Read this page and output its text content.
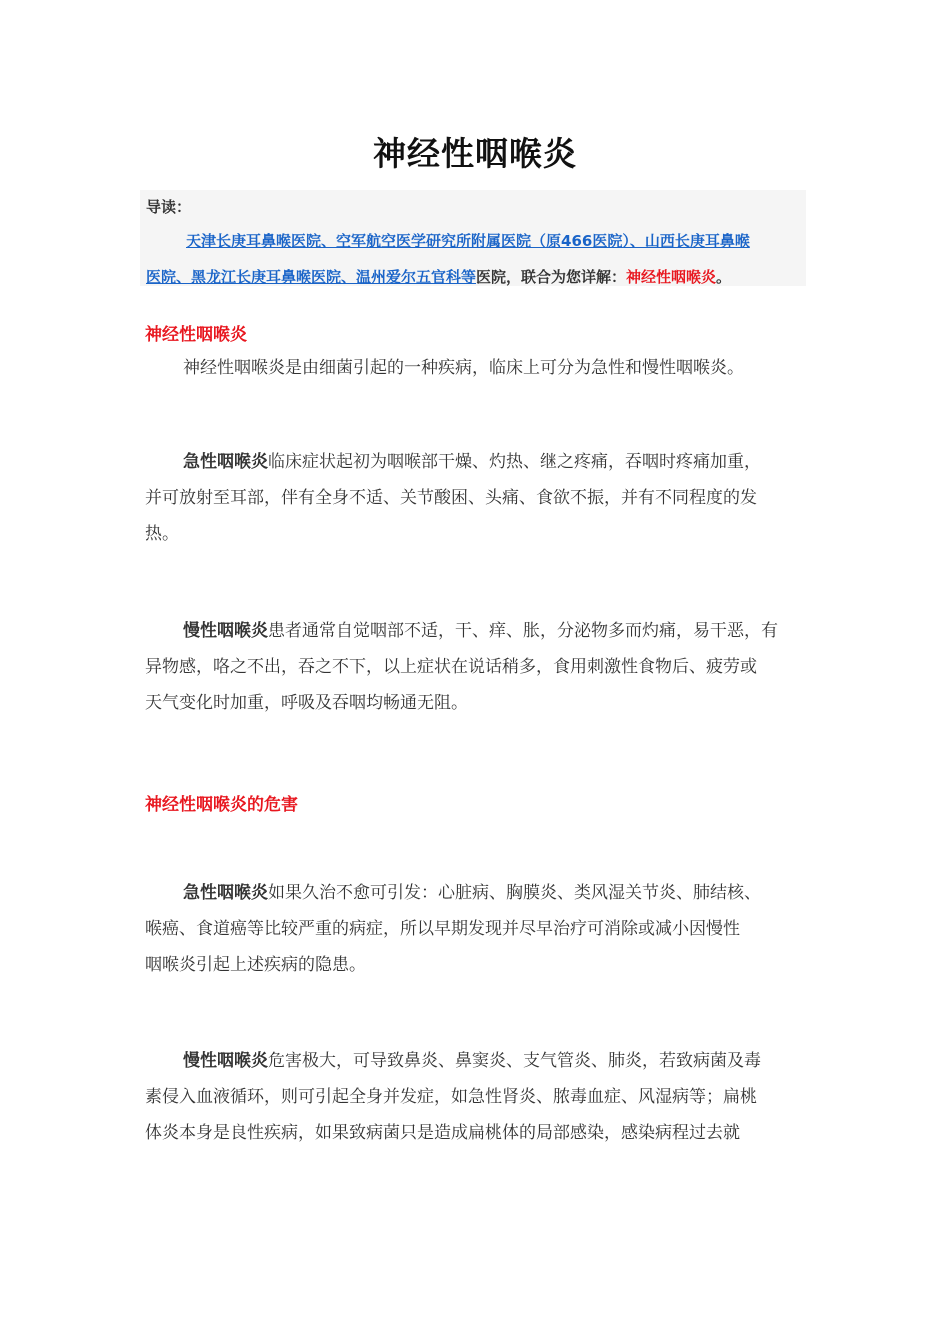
神经性咽喉炎
导读：
天津长庚耳鼻喉医院、空军航空医学研究所附属医院（原466医院）、山西长庚耳鼻喉
医院、黑龙江长庚耳鼻喉医院、温州爱尔五官科等医院，联合为您详解：神经性咽喉炎。
神经性咽喉炎
神经性咽喉炎是由细菌引起的一种疾病，临床上可分为急性和慢性咽喉炎。
急性咽喉炎临床症状起初为咽喉部干燥、灼热、继之疼痛，吞咽时疼痛加重，
并可放射至耳部，伴有全身不适、关节酸困、头痛、食欲不振，并有不同程度的发
热。
慢性咽喉炎患者通常自觉咽部不适，干、痒、胀，分泌物多而灼痛，易干恶，有
异物感，咯之不出，吞之不下，以上症状在说话稍多，食用刺激性食物后、疲劳或
天气变化时加重，呼吸及吞咽均畅通无阻。
神经性咽喉炎的危害
急性咽喉炎如果久治不愈可引发：心脏病、胸膜炎、类风湿关节炎、肺结核、
喉癌、食道癌等比较严重的病症，所以早期发现并尽早治疗可消除或减小因慢性
咽喉炎引起上述疾病的隐患。
慢性咽喉炎危害极大，可导致鼻炎、鼻窦炎、支气管炎、肺炎，若致病菌及毒
素侵入血液循环，则可引起全身并发症，如急性肾炎、脓毒血症、风湿病等；扁桃
体炎本身是良性疾病，如果致病菌只是造成扁桃体的局部感染，感染病程过去就
